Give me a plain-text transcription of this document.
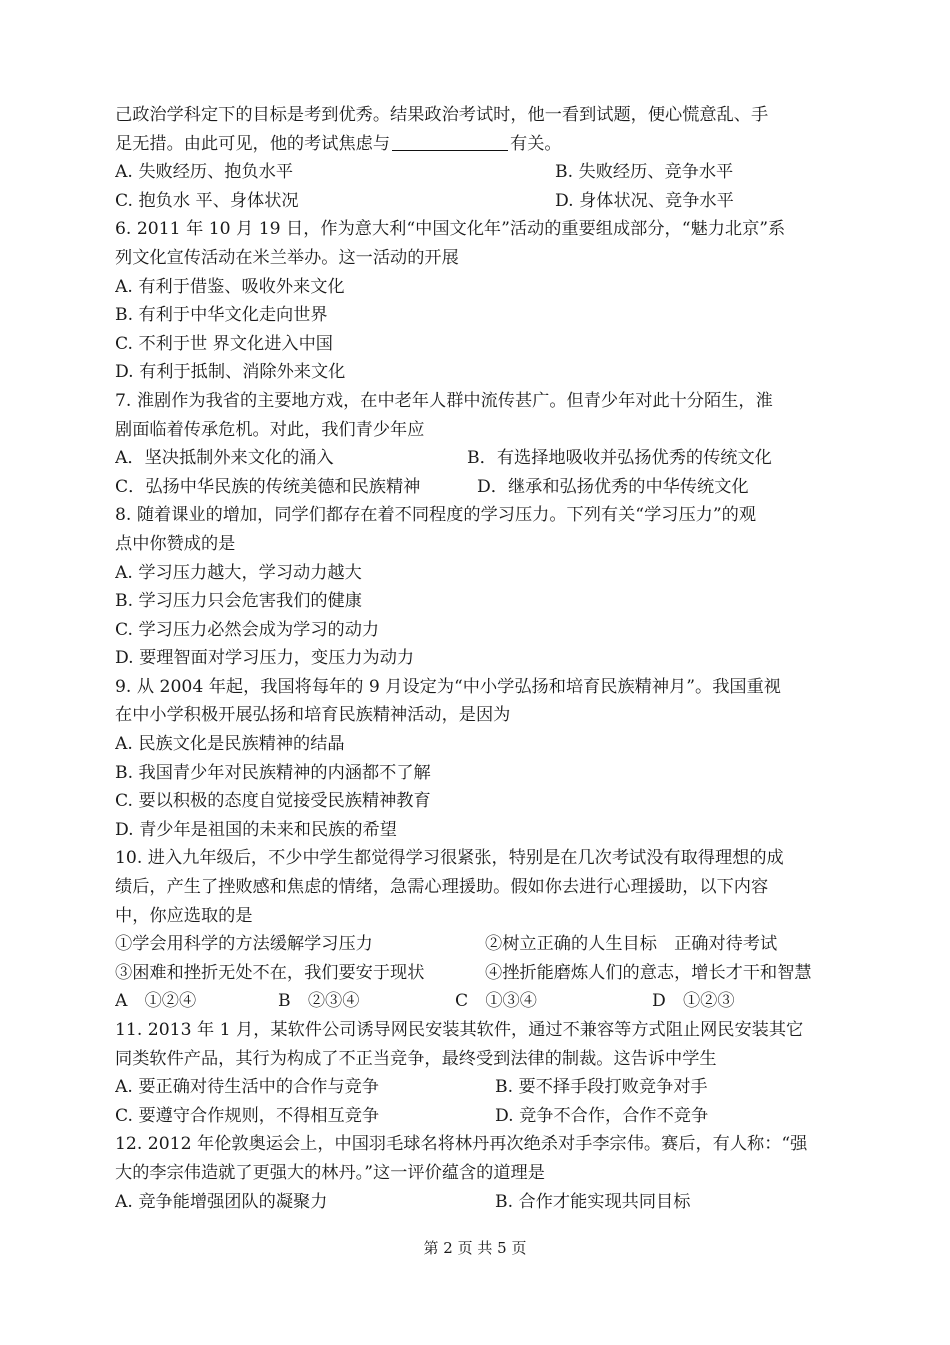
己政治学科定下的目标是考到优秀。结果政治考试时，他一看到试题，便心慌意乱、手
足无措。由此可见，他的考试焦虑与	有关。
A. 失败经历、抱负水平	B. 失败经历、竞争水平
C. 抱负水 平、身体状况	D. 身体状况、竞争水平
6. 2011 年 10 月 19 日，作为意大利“中国文化年”活动的重要组成部分，“魅力北京”系
列文化宣传活动在米兰举办。这一活动的开展
A. 有利于借鉴、吸收外来文化
B. 有利于中华文化走向世界
C. 不利于世 界文化进入中国
D. 有利于抵制、消除外来文化
7. 淮剧作为我省的主要地方戏，在中老年人群中流传甚广。但青少年对此十分陌生，淮
剧面临着传承危机。对此，我们青少年应
A．坚决抵制外来文化的涌入	B．有选择地吸收并弘扬优秀的传统文化
C．弘扬中华民族的传统美德和民族精神	D．继承和弘扬优秀的中华传统文化
8. 随着课业的增加，同学们都存在着不同程度的学习压力。下列有关“学习压力”的观
点中你赞成的是
A. 学习压力越大，学习动力越大
B. 学习压力只会危害我们的健康
C. 学习压力必然会成为学习的动力
D. 要理智面对学习压力，变压力为动力
9. 从 2004 年起，我国将每年的 9 月设定为“中小学弘扬和培育民族精神月”。我国重视
在中小学积极开展弘扬和培育民族精神活动，是因为
A. 民族文化是民族精神的结晶
B. 我国青少年对民族精神的内涵都不了解
C. 要以积极的态度自觉接受民族精神教育
D. 青少年是祖国的未来和民族的希望
10. 进入九年级后，不少中学生都觉得学习很紧张，特别是在几次考试没有取得理想的成
绩后，产生了挫败感和焦虑的情绪，急需心理援助。假如你去进行心理援助，以下内容
中，你应选取的是
①学会用科学的方法缓解学习压力	②树立正确的人生目标　正确对待考试
③困难和挫折无处不在，我们要安于现状	④挫折能磨炼人们的意志，增长才干和智慧
A　①②④	B　②③④	C　①③④	D　①②③
11. 2013 年 1 月，某软件公司诱导网民安装其软件，通过不兼容等方式阻止网民安装其它
同类软件产品，其行为构成了不正当竞争，最终受到法律的制裁。这告诉中学生
A. 要正确对待生活中的合作与竞争	B. 要不择手段打败竞争对手
C. 要遵守合作规则，不得相互竞争	D. 竞争不合作，合作不竞争
12. 2012 年伦敦奥运会上，中国羽毛球名将林丹再次绝杀对手李宗伟。赛后，有人称：“强
大的李宗伟造就了更强大的林丹。”这一评价蕴含的道理是
A. 竞争能增强团队的凝聚力	B. 合作才能实现共同目标
第 2 页 共 5 页
